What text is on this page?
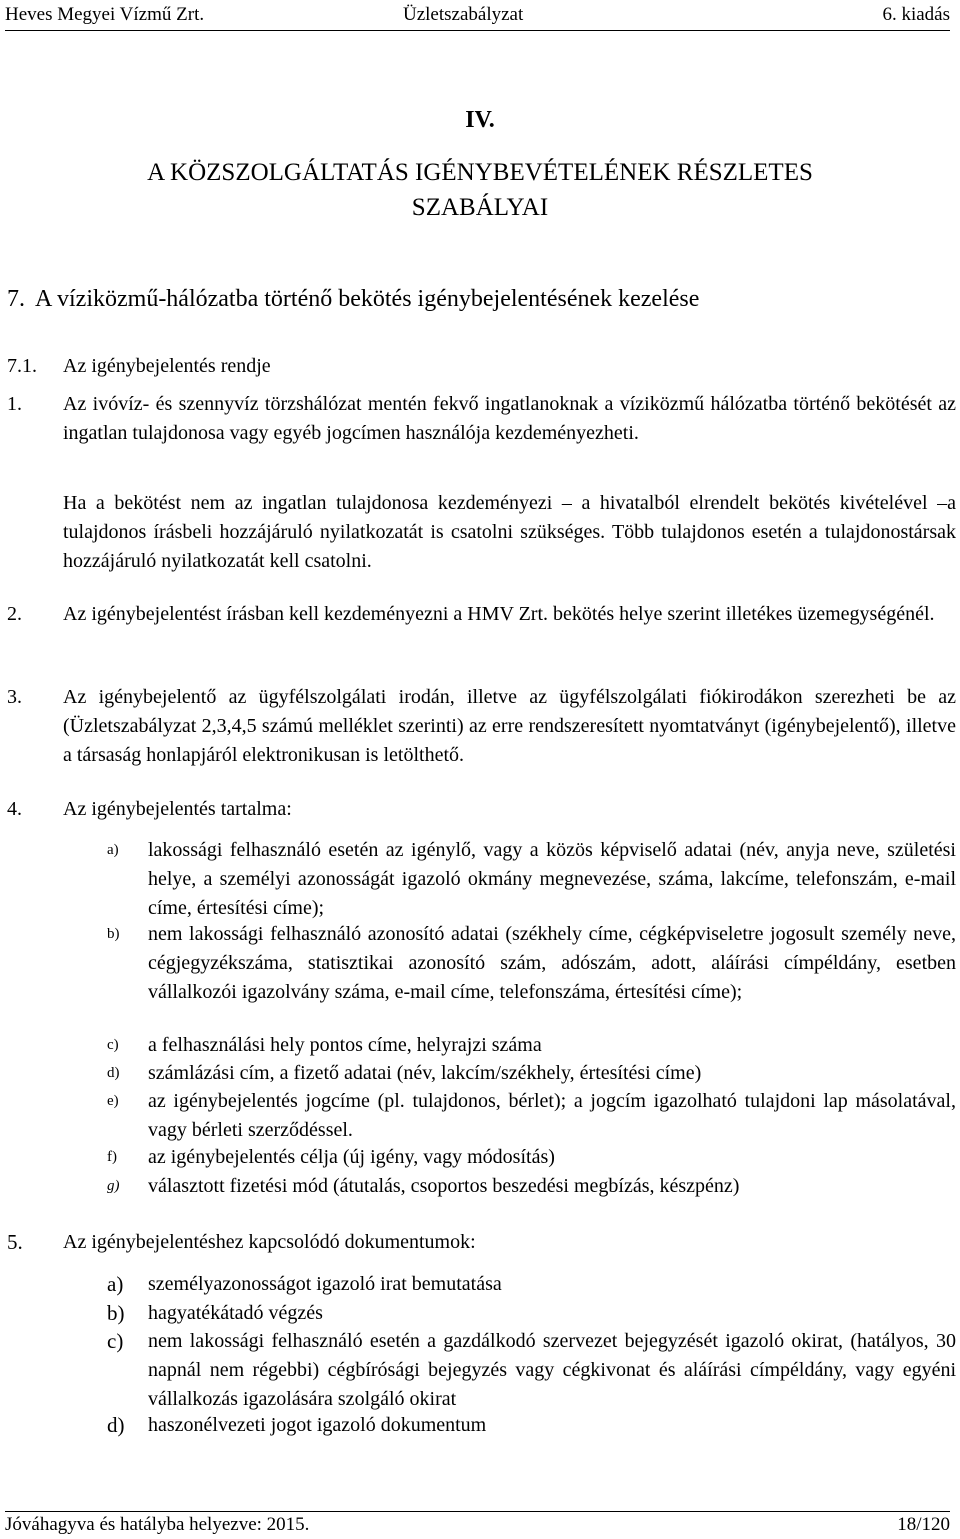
Heves Megyei Vízmű Zrt.	Üzletszabályzat	6. kiadás
IV.
A KÖZSZOLGÁLTATÁS IGÉNYBEVÉTELÉNEK RÉSZLETES
SZABÁLYAI
7. A víziközmű-hálózatba történő bekötés igénybejelentésének kezelése
7.1. Az igénybejelentés rendje
1. Az ivóvíz- és szennyvíz törzshálózat mentén fekvő ingatlanoknak a víziközmű hálózatba történő bekötését az ingatlan tulajdonosa vagy egyéb jogcímen használója kezdeményezheti.
Ha a bekötést nem az ingatlan tulajdonosa kezdeményezi – a hivatalból elrendelt bekötés kivételével –a tulajdonos írásbeli hozzájáruló nyilatkozatát is csatolni szükséges. Több tulajdonos esetén a tulajdonostársak hozzájáruló nyilatkozatát kell csatolni.
2. Az igénybejelentést írásban kell kezdeményezni a HMV Zrt. bekötés helye szerint illetékes üzemegységénél.
3. Az igénybejelentő az ügyfélszolgálati irodán, illetve az ügyfélszolgálati fiókirodákon szerezheti be az (Üzletszabályzat 2,3,4,5 számú melléklet szerinti) az erre rendszeresített nyomtatványt (igénybejelentő), illetve a társaság honlapjáról elektronikusan is letölthető.
4. Az igénybejelentés tartalma:
a) lakossági felhasználó esetén az igénylő, vagy a közös képviselő adatai (név, anyja neve, születési helye, a személyi azonosságát igazoló okmány megnevezése, száma, lakcíme, telefonszám, e-mail címe, értesítési címe);
b) nem lakossági felhasználó azonosító adatai (székhely címe, cégképviseletre jogosult személy neve, cégjegyzékszáma, statisztikai azonosító szám, adószám, adott, aláírási címpéldány, esetben vállalkozói igazolvány száma, e-mail címe, telefonszáma, értesítési címe);
c) a felhasználási hely pontos címe, helyrajzi száma
d) számlázási cím, a fizető adatai (név, lakcím/székhely, értesítési címe)
e) az igénybejelentés jogcíme (pl. tulajdonos, bérlet); a jogcím igazolható tulajdoni lap másolatával, vagy bérleti szerződéssel.
f) az igénybejelentés célja (új igény, vagy módosítás)
g) választott fizetési mód (átutalás, csoportos beszedési megbízás, készpénz)
5. Az igénybejelentéshez kapcsolódó dokumentumok:
a) személyazonosságot igazoló irat bemutatása
b) hagyatékátadó végzés
c) nem lakossági felhasználó esetén a gazdálkodó szervezet bejegyzését igazoló okirat, (hatályos, 30 napnál nem régebbi) cégbírósági bejegyzés vagy cégkivonat és aláírási címpéldány, vagy egyéni vállalkozás igazolására szolgáló okirat
d) haszonélvezeti jogot igazoló dokumentum
Jóváhagyva és hatályba helyezve: 2015.	18/120
